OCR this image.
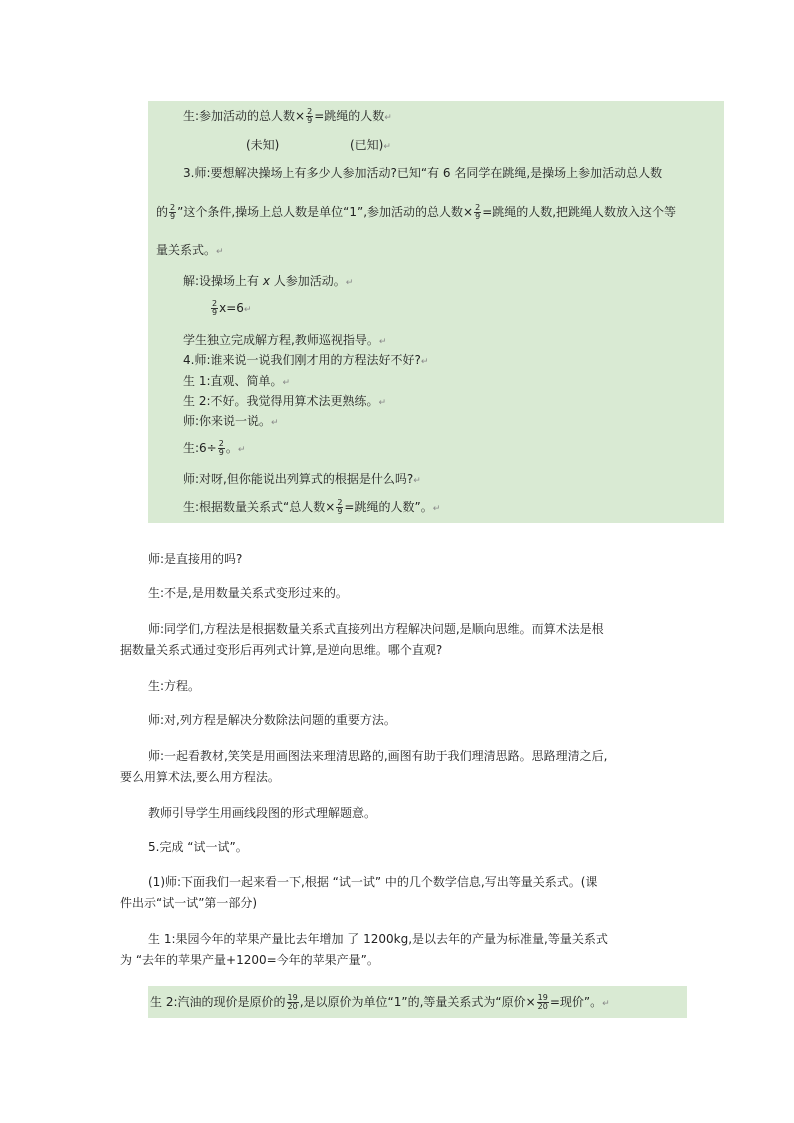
生:参加活动的总人数× $\frac{2}{9}$ =跳绳的人数↵
(未知)	(已知)↵
3.师:要想解决操场上有多少人参加活动?已知“有 6 名同学在跳绳,是操场上参加活动总人数
的 $\frac{2}{9}$ ”这个条件,操场上总人数是单位“1”,参加活动的总人数× $\frac{2}{9}$ =跳绳的人数,把跳绳人数放入这个等
量关系式。↵
解:设操场上有 x 人参加活动。↵
$\frac{2}{9}$ x=6↵
学生独立完成解方程,教师巡视指导。↵
4.师:谁来说一说我们刚才用的方程法好不好?↵
生 1:直观、简单。↵
生 2:不好。我觉得用算术法更熟练。↵
师:你来说一说。↵
生:6÷ $\frac{2}{9}$ 。↵
师:对呀,但你能说出列算式的根据是什么吗?↵
生:根据数量关系式“总人数× $\frac{2}{9}$ =跳绳的人数”。↵
师:是直接用的吗?
生:不是,是用数量关系式变形过来的。
师:同学们,方程法是根据数量关系式直接列出方程解决问题,是顺向思维。而算术法是根
据数量关系式通过变形后再列式计算,是逆向思维。哪个直观?
生:方程。
师:对,列方程是解决分数除法问题的重要方法。
师:一起看教材,笑笑是用画图法来理清思路的,画图有助于我们理清思路。思路理清之后,
要么用算术法,要么用方程法。
教师引导学生用画线段图的形式理解题意。
5.完成 “试一试”。
(1)师:下面我们一起来看一下,根据 “试一试” 中的几个数学信息,写出等量关系式。(课
件出示“试一试”第一部分)
生 1:果园今年的苹果产量比去年增加 了 1200kg,是以去年的产量为标准量,等量关系式
为 “去年的苹果产量+1200=今年的苹果产量”。
生 2:汽油的现价是原价的 $\frac{19}{20}$ ,是以原价为单位“1”的,等量关系式为“原价× $\frac{19}{20}$ =现价”。↵
